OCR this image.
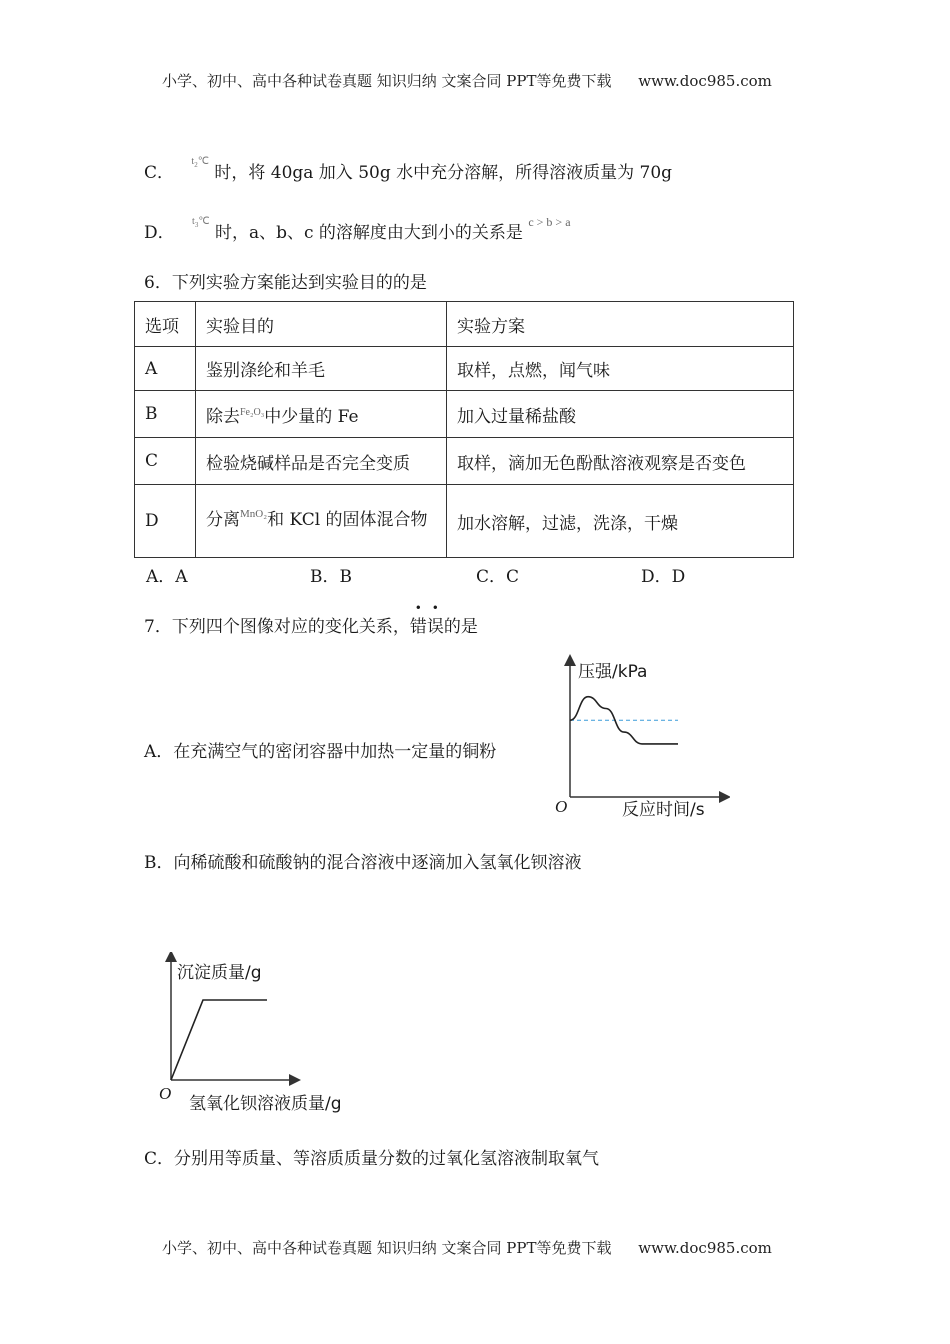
小学、初中、高中各种试卷真题 知识归纳 文案合同 PPT等免费下载 www.doc985.com
C． $^{t_2℃}$ 时，将 40ga 加入 50g 水中充分溶解，所得溶液质量为 70g
D． $^{t_3℃}$ 时，a、b、c 的溶解度由大到小的关系是 $^{c > b > a}$
6．下列实验方案能达到实验目的的是
选项	实验目的	实验方案
A	鉴别涤纶和羊毛	取样，点燃，闻气味
B	除去$^{Fe_2O_3}$中少量的 Fe	加入过量稀盐酸
C	检验烧碱样品是否完全变质	取样，滴加无色酚酞溶液观察是否变色
D	分离$^{MnO_2}$和 KCl 的固体混合物	加水溶解，过滤，洗涤，干燥
A．A	B．B	C．C	D．D
7．下列四个图像对应的变化关系，
•
错
•
误的是
A．在充满空气的密闭容器中加热一定量的铜粉
压强/kPa
反应时间/s
O
B．向稀硫酸和硫酸钠的混合溶液中逐滴加入氢氧化钡溶液
沉淀质量/g
氢氧化钡溶液质量/g
O
C．分别用等质量、等溶质质量分数的过氧化氢溶液制取氧气
小学、初中、高中各种试卷真题 知识归纳 文案合同 PPT等免费下载 www.doc985.com
